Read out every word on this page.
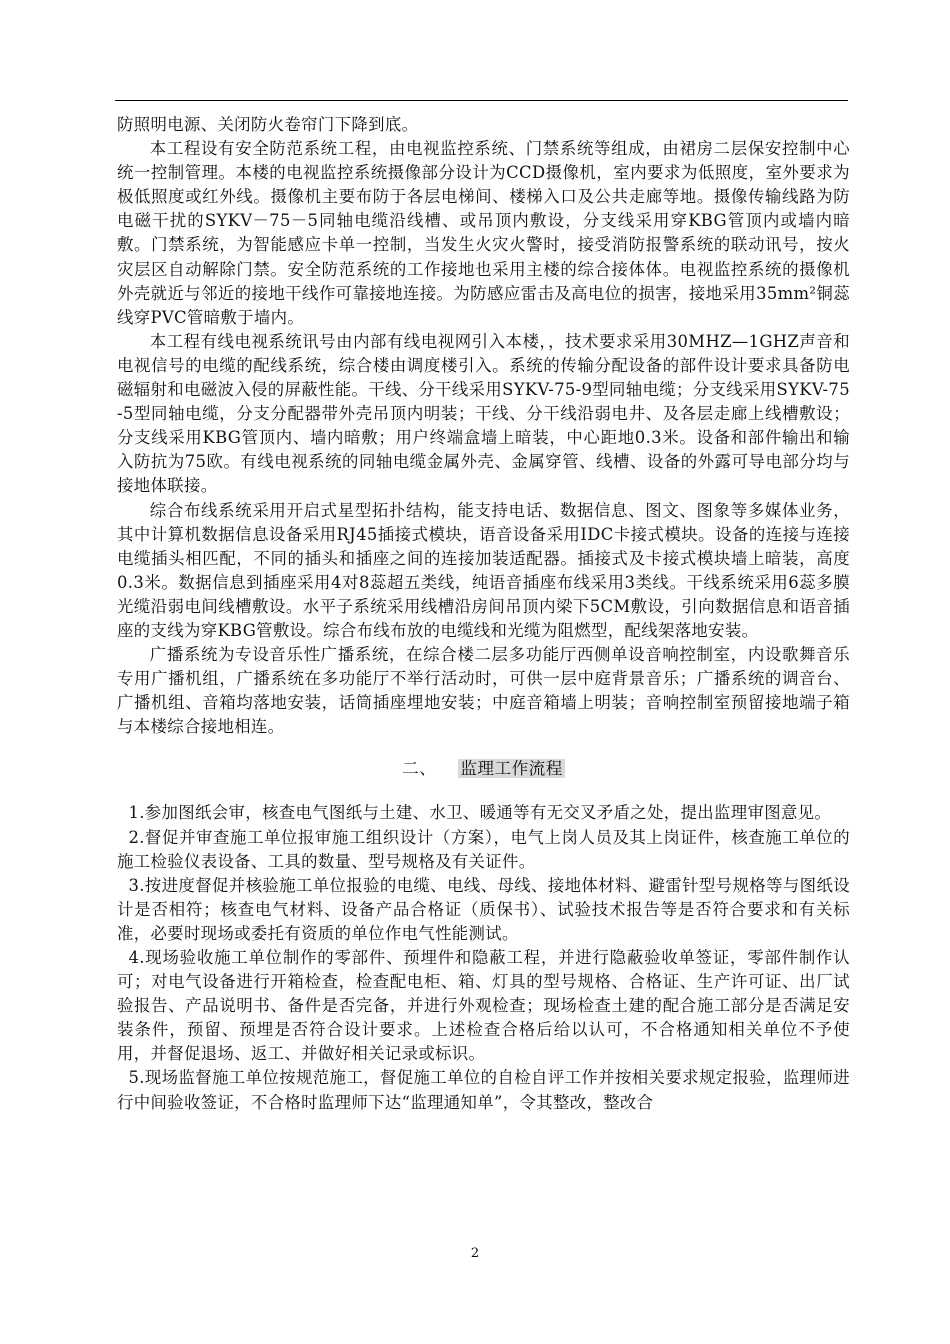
防照明电源、关闭防火卷帘门下降到底。

本工程设有安全防范系统工程，由电视监控系统、门禁系统等组成，由裙房二层保安控制中心统一控制管理。本楼的电视监控系统摄像部分设计为CCD摄像机，室内要求为低照度，室外要求为极低照度或红外线。摄像机主要布防于各层电梯间、楼梯入口及公共走廊等地。摄像传输线路为防电磁干扰的SYKV－75－5同轴电缆沿线槽、或吊顶内敷设，分支线采用穿KBG管顶内或墙内暗敷。门禁系统，为智能感应卡单一控制，当发生火灾火警时，接受消防报警系统的联动讯号，按火灾层区自动解除门禁。安全防范系统的工作接地也采用主楼的综合接体体。电视监控系统的摄像机外壳就近与邻近的接地干线作可靠接地连接。为防感应雷击及高电位的损害，接地采用35mm²铜蕊线穿PVC管暗敷于墙内。

本工程有线电视系统讯号由内部有线电视网引入本楼，，技术要求采用30MHZ—1GHZ声音和电视信号的电缆的配线系统，综合楼由调度楼引入。系统的传输分配设备的部件设计要求具备防电磁辐射和电磁波入侵的屏蔽性能。干线、分干线采用SYKV-75-9型同轴电缆；分支线采用SYKV-75-5型同轴电缆，分支分配器带外壳吊顶内明装；干线、分干线沿弱电井、及各层走廊上线槽敷设；分支线采用KBG管顶内、墙内暗敷；用户终端盒墙上暗装，中心距地0.3米。设备和部件输出和输入防抗为75欧。有线电视系统的同轴电缆金属外壳、金属穿管、线槽、设备的外露可导电部分均与接地体联接。

综合布线系统采用开启式星型拓扑结构，能支持电话、数据信息、图文、图象等多媒体业务，其中计算机数据信息设备采用RJ45插接式模块，语音设备采用IDC卡接式模块。设备的连接与连接电缆插头相匹配，不同的插头和插座之间的连接加装适配器。插接式及卡接式模块墙上暗装，高度0.3米。数据信息到插座采用4对8蕊超五类线，纯语音插座布线采用3类线。干线系统采用6蕊多膜光缆沿弱电间线槽敷设。水平子系统采用线槽沿房间吊顶内梁下5CM敷设，引向数据信息和语音插座的支线为穿KBG管敷设。综合布线布放的电缆线和光缆为阻燃型，配线架落地安装。

广播系统为专设音乐性广播系统，在综合楼二层多功能厅西侧单设音响控制室，内设歌舞音乐专用广播机组，广播系统在多功能厅不举行活动时，可供一层中庭背景音乐；广播系统的调音台、广播机组、音箱均落地安装，话筒插座埋地安装；中庭音箱墙上明装；音响控制室预留接地端子箱与本楼综合接地相连。

二、 监理工作流程

1.参加图纸会审，核查电气图纸与土建、水卫、暖通等有无交叉矛盾之处，提出监理审图意见。

2.督促并审查施工单位报审施工组织设计（方案），电气上岗人员及其上岗证件，核查施工单位的施工检验仪表设备、工具的数量、型号规格及有关证件。

3.按进度督促并核验施工单位报验的电缆、电线、母线、接地体材料、避雷针型号规格等与图纸设计是否相符；核查电气材料、设备产品合格证（质保书）、试验技术报告等是否符合要求和有关标准，必要时现场或委托有资质的单位作电气性能测试。

4.现场验收施工单位制作的零部件、预埋件和隐蔽工程，并进行隐蔽验收单签证，零部件制作认可；对电气设备进行开箱检查，检查配电柜、箱、灯具的型号规格、合格证、生产许可证、出厂试验报告、产品说明书、备件是否完备，并进行外观检查；现场检查土建的配合施工部分是否满足安装条件，预留、预埋是否符合设计要求。上述检查合格后给以认可，不合格通知相关单位不予使用，并督促退场、返工、并做好相关记录或标识。

5.现场监督施工单位按规范施工，督促施工单位的自检自评工作并按相关要求规定报验，监理师进行中间验收签证，不合格时监理师下达“监理通知单”，令其整改，整改合

2
